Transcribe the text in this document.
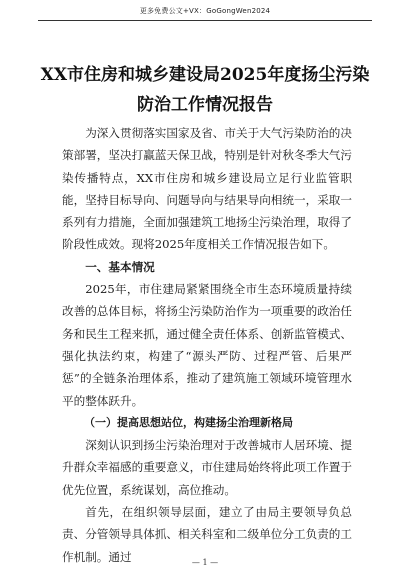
更多免费公文+VX：GoGongWen2024
XX市住房和城乡建设局2025年度扬尘污染防治工作情况报告

为深入贯彻落实国家及省、市关于大气污染防治的决策部署，坚决打赢蓝天保卫战，特别是针对秋冬季大气污染传播特点，XX市住房和城乡建设局立足行业监管职能，坚持目标导向、问题导向与结果导向相统一，采取一系列有力措施，全面加强建筑工地扬尘污染治理，取得了阶段性成效。现将2025年度相关工作情况报告如下。

一、基本情况

2025年，市住建局紧紧围绕全市生态环境质量持续改善的总体目标，将扬尘污染防治作为一项重要的政治任务和民生工程来抓，通过健全责任体系、创新监管模式、强化执法约束，构建了“源头严防、过程严管、后果严惩”的全链条治理体系，推动了建筑施工领域环境管理水平的整体跃升。

（一）提高思想站位，构建扬尘治理新格局

深刻认识到扬尘污染治理对于改善城市人居环境、提升群众幸福感的重要意义，市住建局始终将此项工作置于优先位置，系统谋划，高位推动。

首先，在组织领导层面，建立了由局主要领导负总责、分管领导具体抓、相关科室和二级单位分工负责的工作机制。通过	— 1 —
